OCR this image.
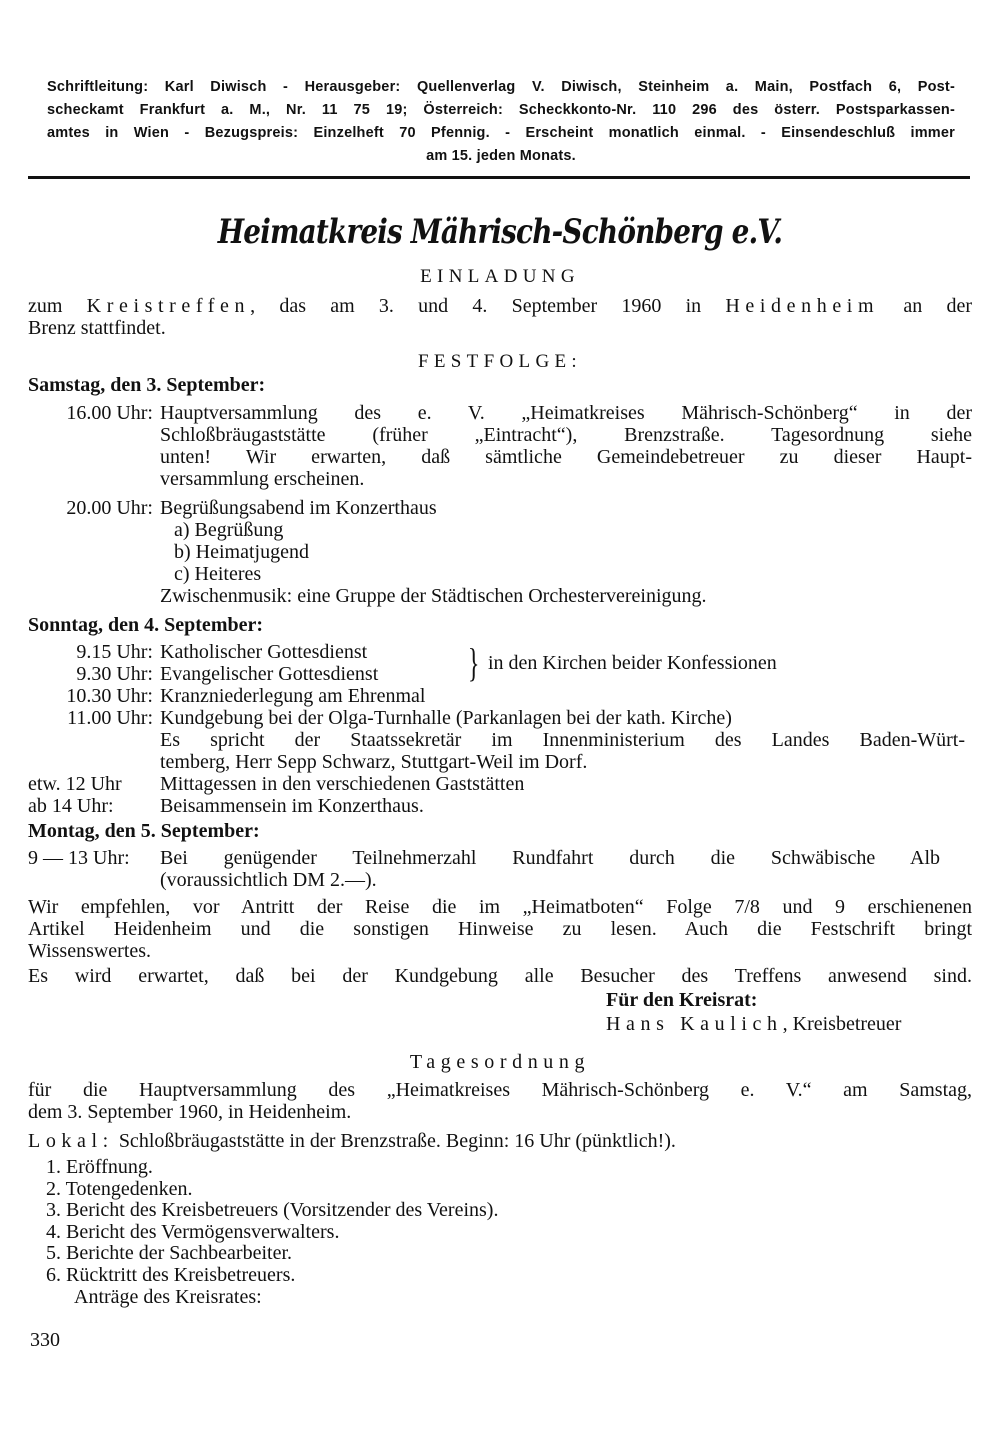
Schriftleitung: Karl Diwisch - Herausgeber: Quellenverlag V. Diwisch, Steinheim a. Main, Postfach 6, Post-
scheckamt Frankfurt a. M., Nr. 11 75 19; Österreich: Scheckkonto-Nr. 110 296 des österr. Postsparkassen-
amtes in Wien - Bezugspreis: Einzelheft 70 Pfennig. - Erscheint monatlich einmal. - Einsendeschluß immer
am 15. jeden Monats.
Heimatkreis Mährisch-Schönberg e.V.
EINLADUNG
zum Kreistreffen, das am 3. und 4. September 1960 in Heidenheim an der
Brenz stattfindet.
FESTFOLGE:
Samstag, den 3. September:
16.00 Uhr: Hauptversammlung des e. V. „Heimatkreises Mährisch-Schönberg“ in der
Schloßbräugaststätte (früher „Eintracht“), Brenzstraße. Tagesordnung siehe
unten! Wir erwarten, daß sämtliche Gemeindebetreuer zu dieser Haupt-
versammlung erscheinen.
20.00 Uhr: Begrüßungsabend im Konzerthaus
a) Begrüßung
b) Heimatjugend
c) Heiteres
Zwischenmusik: eine Gruppe der Städtischen Orchestervereinigung.
Sonntag, den 4. September:
9.15 Uhr: Katholischer Gottesdienst
9.30 Uhr: Evangelischer Gottesdienst } in den Kirchen beider Konfessionen
10.30 Uhr: Kranzniederlegung am Ehrenmal
11.00 Uhr: Kundgebung bei der Olga-Turnhalle (Parkanlagen bei der kath. Kirche)
Es spricht der Staatssekretär im Innenministerium des Landes Baden-Würt-
temberg, Herr Sepp Schwarz, Stuttgart-Weil im Dorf.
etw. 12 Uhr	Mittagessen in den verschiedenen Gaststätten
ab 14 Uhr:	Beisammensein im Konzerthaus.
Montag, den 5. September:
9 — 13 Uhr:	Bei genügender Teilnehmerzahl Rundfahrt durch die Schwäbische Alb
(voraussichtlich DM 2.—).
Wir empfehlen, vor Antritt der Reise die im „Heimatboten“ Folge 7/8 und 9 erschienenen
Artikel Heidenheim und die sonstigen Hinweise zu lesen. Auch die Festschrift bringt
Wissenswertes.
Es wird erwartet, daß bei der Kundgebung alle Besucher des Treffens anwesend sind.
Für den Kreisrat:
Hans Kaulich, Kreisbetreuer
Tagesordnung
für die Hauptversammlung des „Heimatkreises Mährisch-Schönberg e. V.“ am Samstag,
dem 3. September 1960, in Heidenheim.
Lokal: Schloßbräugaststätte in der Brenzstraße. Beginn: 16 Uhr (pünktlich!).
1. Eröffnung.
2. Totengedenken.
3. Bericht des Kreisbetreuers (Vorsitzender des Vereins).
4. Bericht des Vermögensverwalters.
5. Berichte der Sachbearbeiter.
6. Rücktritt des Kreisbetreuers.
Anträge des Kreisrates:
330
